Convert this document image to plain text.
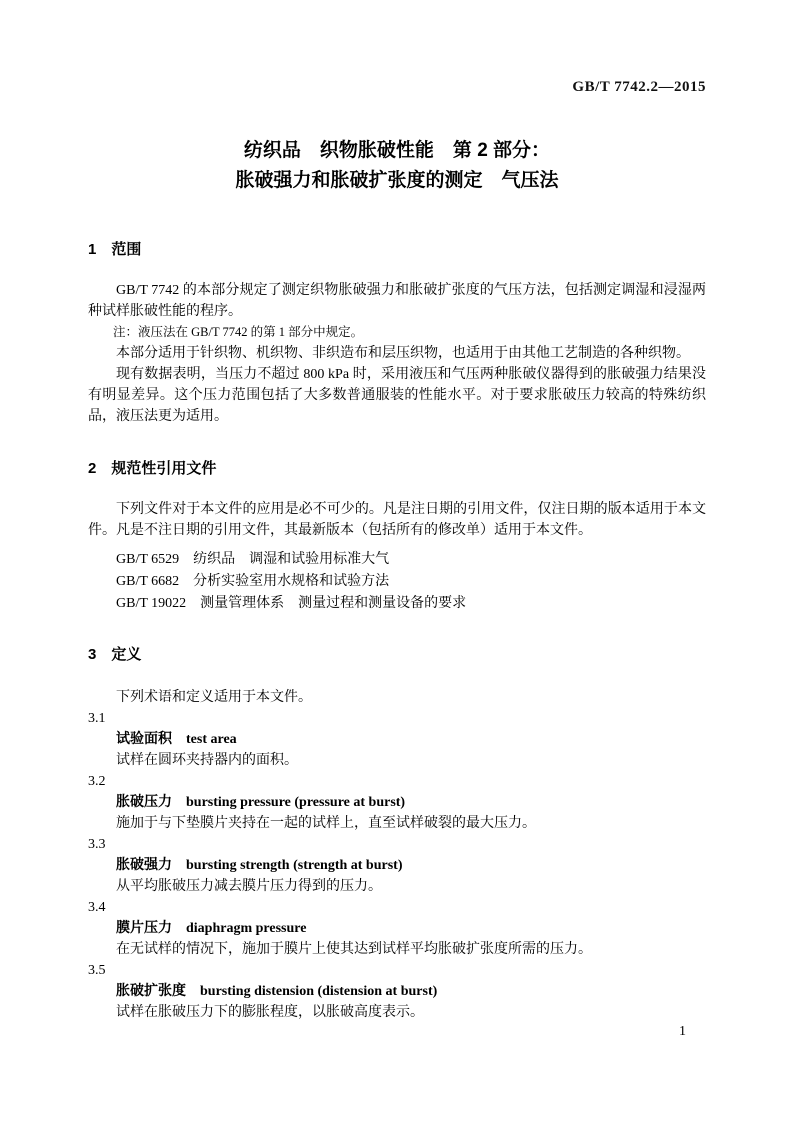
GB/T 7742.2—2015
纺织品　织物胀破性能　第 2 部分：
胀破强力和胀破扩张度的测定　气压法
1　范围

GB/T 7742 的本部分规定了测定织物胀破强力和胀破扩张度的气压方法，包括测定调湿和浸湿两种试样胀破性能的程序。

注：液压法在 GB/T 7742 的第 1 部分中规定。

本部分适用于针织物、机织物、非织造布和层压织物，也适用于由其他工艺制造的各种织物。

现有数据表明，当压力不超过 800 kPa 时，采用液压和气压两种胀破仪器得到的胀破强力结果没有明显差异。这个压力范围包括了大多数普通服装的性能水平。对于要求胀破压力较高的特殊纺织品，液压法更为适用。

2　规范性引用文件

下列文件对于本文件的应用是必不可少的。凡是注日期的引用文件，仅注日期的版本适用于本文件。凡是不注日期的引用文件，其最新版本（包括所有的修改单）适用于本文件。

GB/T 6529　纺织品　调湿和试验用标准大气

GB/T 6682　分析实验室用水规格和试验方法

GB/T 19022　测量管理体系　测量过程和测量设备的要求

3　定义

下列术语和定义适用于本文件。

3.1

试验面积　test area

试样在圆环夹持器内的面积。

3.2

胀破压力　bursting pressure (pressure at burst)

施加于与下垫膜片夹持在一起的试样上，直至试样破裂的最大压力。

3.3

胀破强力　bursting strength (strength at burst)

从平均胀破压力减去膜片压力得到的压力。

3.4

膜片压力　diaphragm pressure

在无试样的情况下，施加于膜片上使其达到试样平均胀破扩张度所需的压力。

3.5

胀破扩张度　bursting distension (distension at burst)

试样在胀破压力下的膨胀程度，以胀破高度表示。

1
